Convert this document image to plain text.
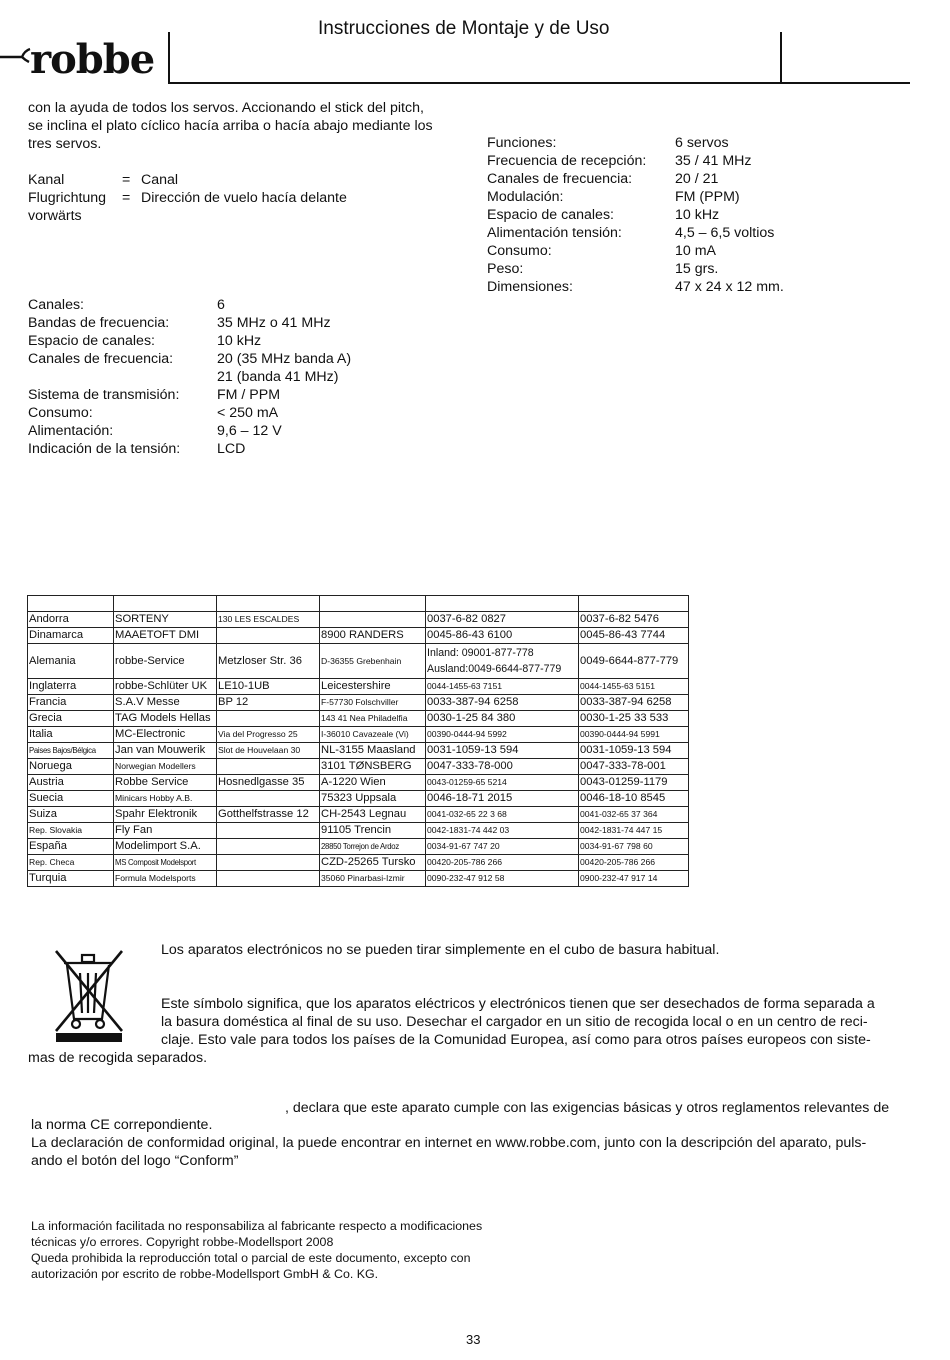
robbe
Instrucciones de Montaje y de Uso
con la ayuda de todos los servos. Accionando el stick del pitch,
se inclina el plato cíclico hacía arriba o hacía abajo mediante los
tres servos.
Kanal	= Canal
Flugrichtung = Dirección de vuelo hacía delante
vorwärts
Funciones:	6 servos
Frecuencia de recepción: 35 / 41 MHz
Canales de frecuencia:	20 / 21
Modulación:	FM (PPM)
Espacio de canales:	10 kHz
Alimentación tensión:	4,5 – 6,5 voltios
Consumo:	10 mA
Peso:	15 grs.
Dimensiones:	47 x 24 x 12 mm.
Canales:	6
Bandas de frecuencia:	35 MHz o 41 MHz
Espacio de canales:	10 kHz
Canales de frecuencia:	20 (35 MHz banda A)
21 (banda 41 MHz)
Sistema de transmisión:	FM / PPM
Consumo:	< 250 mA
Alimentación:	9,6 – 12 V
Indicación de la tensión:	LCD

Andorra	SORTENY	130 LES ESCALDES		0037-6-82 0827	0037-6-82 5476
Dinamarca	MAAETOFT DMI		8900 RANDERS	0045-86-43 6100	0045-86-43 7744
Alemania	robbe-Service	Metzloser Str. 36	D-36355 Grebenhain	Inland: 09001-877-778
Ausland:0049-6644-877-779	0049-6644-877-779
Inglaterra	robbe-Schlüter UK	LE10-1UB	Leicestershire	0044-1455-63 7151	0044-1455-63 5151
Francia	S.A.V Messe	BP 12	F-57730 Folschviller	0033-387-94 6258	0033-387-94 6258
Grecia	TAG Models Hellas		143 41 Nea Philadelfia	0030-1-25 84 380	0030-1-25 33 533
Italia	MC-Electronic	Via del Progresso 25	I-36010 Cavazeale (Vi)	00390-0444-94 5992	00390-0444-94 5991
Paises Bajos/Bélgica	Jan van Mouwerik	Slot de Houvelaan 30	NL-3155 Maasland	0031-1059-13 594	0031-1059-13 594
Noruega	Norwegian Modellers		3101 TØNSBERG	0047-333-78-000	0047-333-78-001
Austria	Robbe Service	Hosnedlgasse 35	A-1220 Wien	0043-01259-65 5214	0043-01259-1179
Suecia	Minicars Hobby A.B.		75323 Uppsala	0046-18-71 2015	0046-18-10 8545
Suiza	Spahr Elektronik	Gotthelfstrasse 12	CH-2543 Legnau	0041-032-65 22 3 68	0041-032-65 37 364
Rep. Slovakia	Fly Fan		91105 Trencin	0042-1831-74 442 03	0042-1831-74 447 15
España	Modelimport S.A.		28850 Torrejon de Ardoz	0034-91-67 747 20	0034-91-67 798 60
Rep. Checa	MS Composit Modelsport		CZD-25265 Tursko	00420-205-786 266	00420-205-786 266
Turquia	Formula Modelsports		35060 Pinarbasi-Izmir	0090-232-47 912 58	0900-232-47 917 14
Los aparatos electrónicos no se pueden tirar simplemente en el cubo de basura habitual.
Este símbolo significa, que los aparatos eléctricos y electrónicos tienen que ser desechados de forma separada a
la basura doméstica al final de su uso. Desechar el cargador en un sitio de recogida local o en un centro de reci-
claje. Esto vale para todos los países de la Comunidad Europea, así como para otros países europeos con siste-
mas de recogida separados.
, declara que este aparato cumple con las exigencias básicas y otros reglamentos relevantes de
la norma CE correpondiente.
La declaración de conformidad original, la puede encontrar en internet en www.robbe.com, junto con la descripción del aparato, puls-
ando el botón del logo “Conform”
La información facilitada no responsabiliza al fabricante respecto a modificaciones
técnicas y/o errores. Copyright robbe-Modellsport 2008
Queda prohibida la reproducción total o parcial de este documento, excepto con
autorización por escrito de robbe-Modellsport GmbH & Co. KG.
33
